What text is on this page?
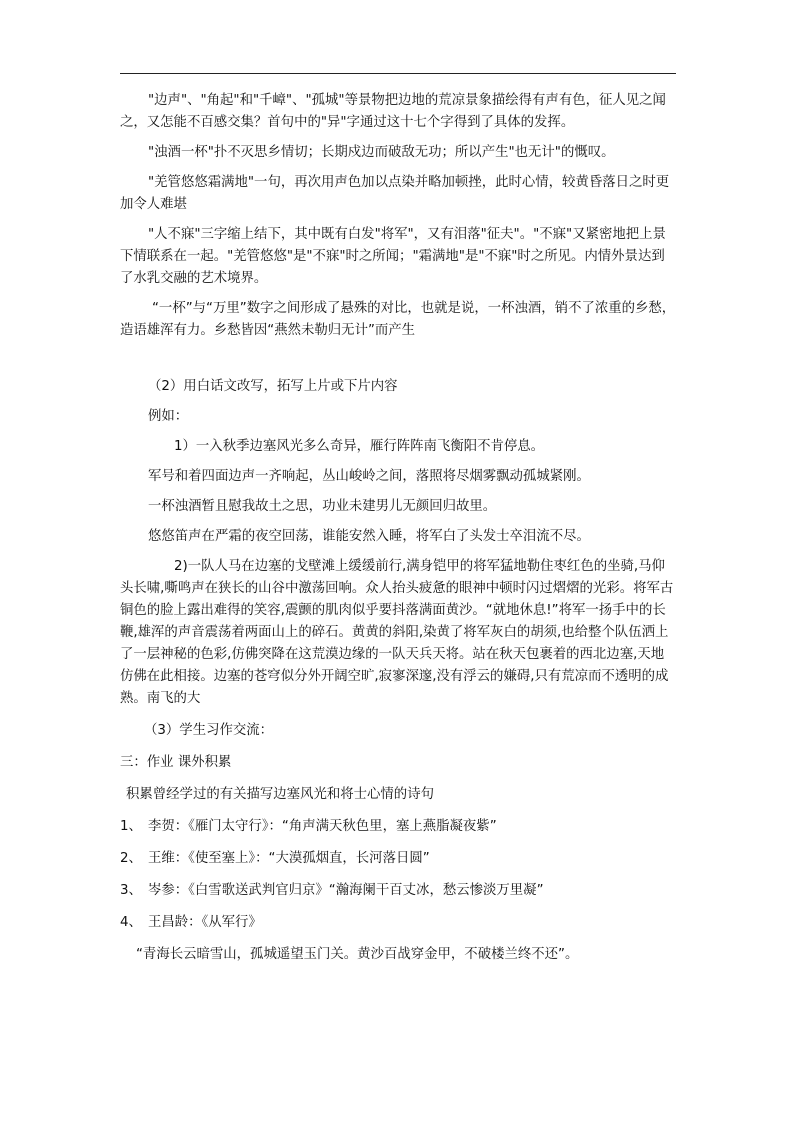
"边声"、"角起"和"千嶂"、"孤城"等景物把边地的荒凉景象描绘得有声有色，征人见之闻之，又怎能不百感交集？首句中的"异"字通过这十七个字得到了具体的发挥。

"浊酒一杯"扑不灭思乡情切；长期戍边而破敌无功；所以产生"也无计"的慨叹。

"羌管悠悠霜满地"一句，再次用声色加以点染并略加顿挫，此时心情，较黄昏落日之时更加令人难堪

"人不寐"三字缩上结下，其中既有白发"将军"，又有泪落"征夫"。"不寐"又紧密地把上景下情联系在一起。"羌管悠悠"是"不寐"时之所闻；"霜满地"是"不寐"时之所见。内情外景达到了水乳交融的艺术境界。

“一杯”与“万里”数字之间形成了悬殊的对比，也就是说，一杯浊酒，销不了浓重的乡愁，造语雄浑有力。乡愁皆因“燕然未勒归无计”而产生

（2）用白话文改写，拓写上片或下片内容

例如：

1）一入秋季边塞风光多么奇异，雁行阵阵南飞衡阳不肯停息。

军号和着四面边声一齐响起，丛山峻岭之间，落照将尽烟雾飘动孤城紧刚。

一杯浊酒暂且慰我故土之思，功业未建男儿无颜回归故里。

悠悠笛声在严霜的夜空回荡，谁能安然入睡，将军白了头发士卒泪流不尽。

2)一队人马在边塞的戈壁滩上缓缓前行,满身铠甲的将军猛地勒住枣红色的坐骑,马仰头长啸,嘶鸣声在狭长的山谷中激荡回响。众人抬头疲惫的眼神中顿时闪过熠熠的光彩。将军古铜色的脸上露出难得的笑容,震颤的肌肉似乎要抖落满面黄沙。“就地休息!”将军一扬手中的长鞭,雄浑的声音震荡着两面山上的碎石。黄黄的斜阳,染黄了将军灰白的胡须,也给整个队伍洒上了一层神秘的色彩,仿佛突降在这荒漠边缘的一队天兵天将。站在秋天包裹着的西北边塞,天地仿佛在此相接。边塞的苍穹似分外开阔空旷,寂寥深邃,没有浮云的嫌碍,只有荒凉而不透明的成熟。南飞的大

（3）学生习作交流：

三：作业 课外积累

积累曾经学过的有关描写边塞风光和将士心情的诗句

1、 李贺：《雁门太守行》：“角声满天秋色里，塞上燕脂凝夜紫”
2、 王维：《使至塞上》：“大漠孤烟直，长河落日圆”
3、 岑参：《白雪歌送武判官归京》“瀚海阑干百丈冰，愁云惨淡万里凝”
4、 王昌龄：《从军行》

“青海长云暗雪山，孤城遥望玉门关。黄沙百战穿金甲，不破楼兰终不还”。
